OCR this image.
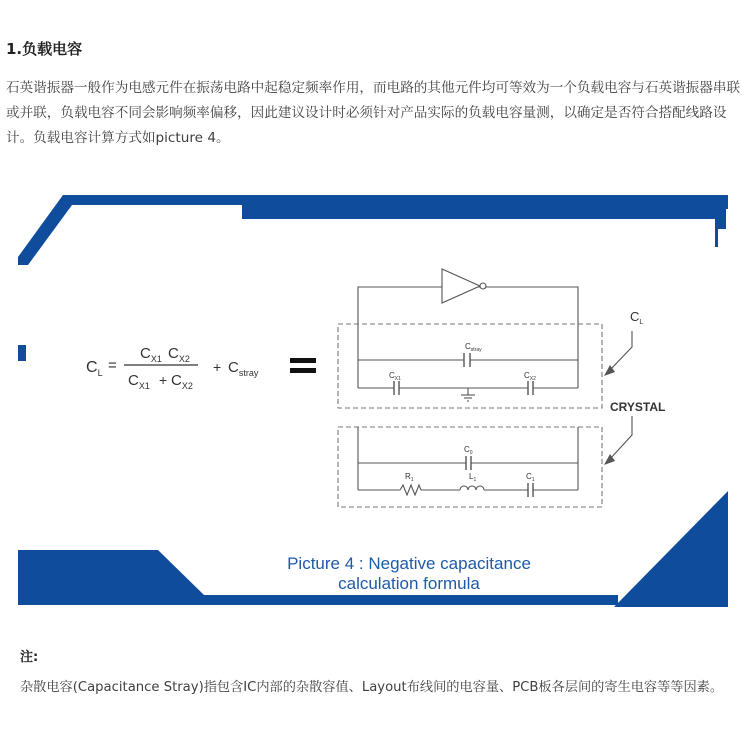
1.负载电容

石英谐振器一般作为电感元件在振荡电路中起稳定频率作用，而电路的其他元件均可等效为一个负载电容与石英谐振器串联或并联，负载电容不同会影响频率偏移，因此建议设计时必须针对产品实际的负载电容量测，以确定是否符合搭配线路设计。负载电容计算方式如picture 4。

$C_L$ =
$C_{X1}$ $C_{X2}$
$C_{X1} + C_{X2}$
+ $C_{stray}$
$C_{stray}$
$C_{X1}$	$C_{X2}$
$C_0$
$R_1$	$L_1$	$C_1$
$C_L$
CRYSTAL
Picture 4 : Negative capacitance
calculation formula
注:

杂散电容(Capacitance Stray)指包含IC内部的杂散容值、Layout布线间的电容量、PCB板各层间的寄生电容等等因素。
